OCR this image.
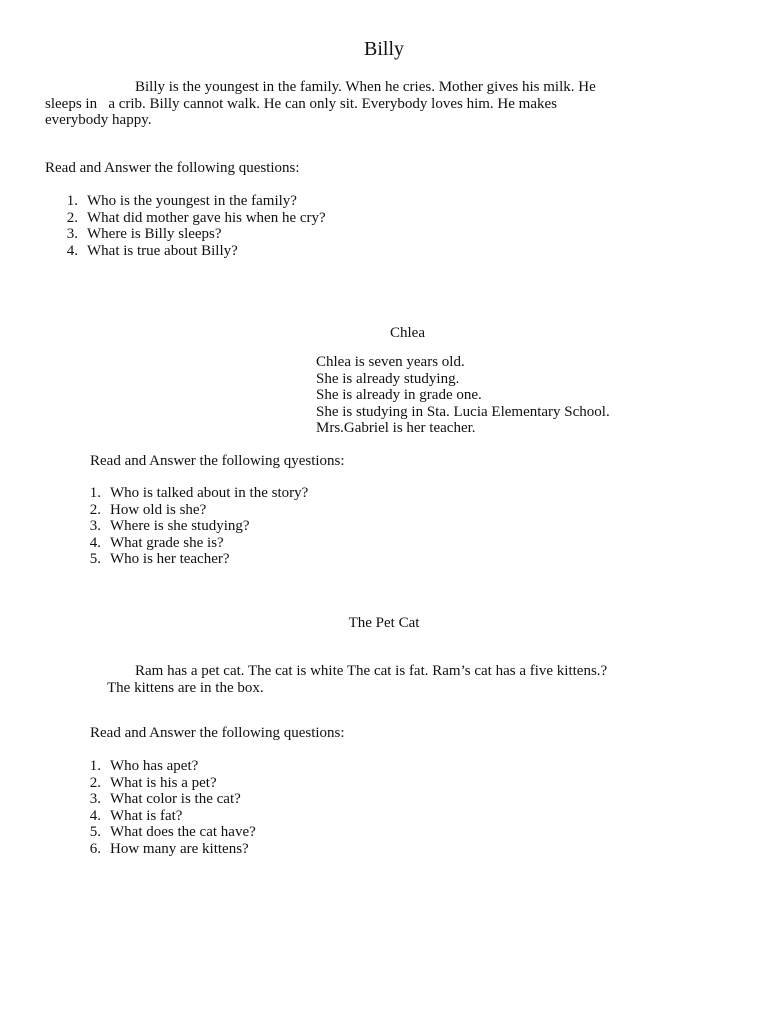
Billy
Billy is the youngest in the family. When he cries. Mother gives his milk. He
sleeps in   a crib. Billy cannot walk. He can only sit. Everybody loves him. He makes
everybody happy.
Read and Answer the following questions:
1. Who is the youngest in the family?
2. What did mother gave his when he cry?
3. Where is Billy sleeps?
4. What is true about Billy?
Chlea
Chlea is seven years old.
She is already studying.
She is already in grade one.
She is studying in Sta. Lucia Elementary School.
Mrs.Gabriel is her teacher.
Read and Answer the following qyestions:
1. Who is talked about in the story?
2. How old is she?
3. Where is she studying?
4. What grade she is?
5. Who is her teacher?
The Pet Cat
Ram has a pet cat. The cat is white The cat is fat. Ram’s cat has a five kittens.?
The kittens are in the box.
Read and Answer the following questions:
1. Who has apet?
2. What is his a pet?
3. What color is the cat?
4. What is fat?
5. What does the cat have?
6. How many are kittens?
